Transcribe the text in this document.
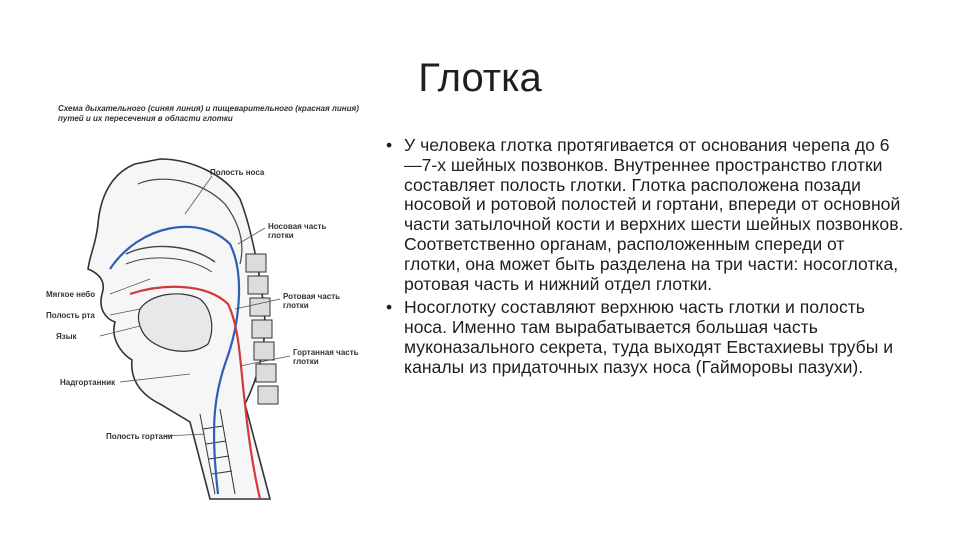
Глотка
Схема дыхательного (синяя линия) и пищеварительного (красная линия) путей и их пересечения в области глотки
Полость носа
Носовая часть глотки
Мягкое небо
Полость рта
Ротовая часть глотки
Язык
Гортанная часть глотки
Надгортанник
Полость гортани
• У человека глотка протягивается от основания черепа до 6—7-х шейных позвонков. Внутреннее пространство глотки составляет полость глотки. Глотка расположена позади носовой и ротовой полостей и гортани, впереди от основной части затылочной кости и верхних шести шейных позвонков. Соответственно органам, расположенным спереди от глотки, она может быть разделена на три части: носоглотка, ротовая часть и нижний отдел глотки.
• Носоглотку составляют верхнюю часть глотки и полость носа. Именно там вырабатывается большая часть муконазального секрета, туда выходят Евстахиевы трубы и каналы из придаточных пазух носа (Гайморовы пазухи).
